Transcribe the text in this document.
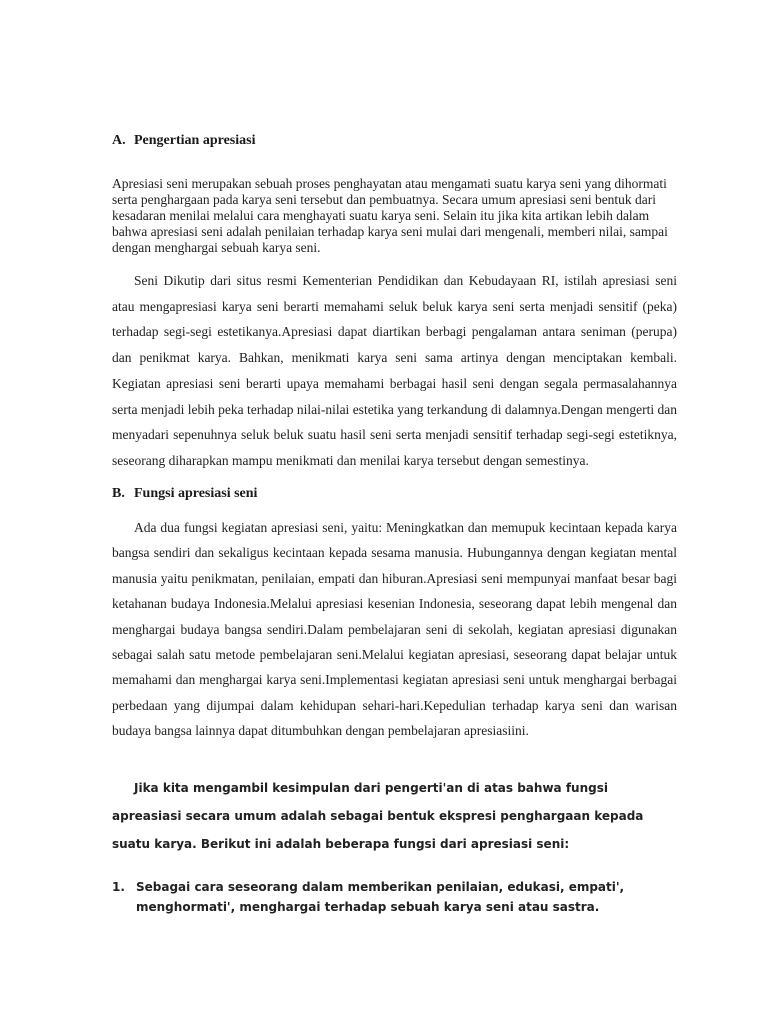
A. Pengertian apresiasi

Apresiasi seni merupakan sebuah proses penghayatan atau mengamati suatu karya seni yang dihormati serta penghargaan pada karya seni tersebut dan pembuatnya. Secara umum apresiasi seni bentuk dari kesadaran menilai melalui cara menghayati suatu karya seni. Selain itu jika kita artikan lebih dalam bahwa apresiasi seni adalah penilaian terhadap karya seni mulai dari mengenali, memberi nilai, sampai dengan menghargai sebuah karya seni.

Seni Dikutip dari situs resmi Kementerian Pendidikan dan Kebudayaan RI, istilah apresiasi seni atau mengapresiasi karya seni berarti memahami seluk beluk karya seni serta menjadi sensitif (peka) terhadap segi-segi estetikanya.Apresiasi dapat diartikan berbagi pengalaman antara seniman (perupa) dan penikmat karya. Bahkan, menikmati karya seni sama artinya dengan menciptakan kembali. Kegiatan apresiasi seni berarti upaya memahami berbagai hasil seni dengan segala permasalahannya serta menjadi lebih peka terhadap nilai-nilai estetika yang terkandung di dalamnya.Dengan mengerti dan menyadari sepenuhnya seluk beluk suatu hasil seni serta menjadi sensitif terhadap segi-segi estetiknya, seseorang diharapkan mampu menikmati dan menilai karya tersebut dengan semestinya.

B. Fungsi apresiasi seni

Ada dua fungsi kegiatan apresiasi seni, yaitu: Meningkatkan dan memupuk kecintaan kepada karya bangsa sendiri dan sekaligus kecintaan kepada sesama manusia. Hubungannya dengan kegiatan mental manusia yaitu penikmatan, penilaian, empati dan hiburan.Apresiasi seni mempunyai manfaat besar bagi ketahanan budaya Indonesia.Melalui apresiasi kesenian Indonesia, seseorang dapat lebih mengenal dan menghargai budaya bangsa sendiri.Dalam pembelajaran seni di sekolah, kegiatan apresiasi digunakan sebagai salah satu metode pembelajaran seni.Melalui kegiatan apresiasi, seseorang dapat belajar untuk memahami dan menghargai karya seni.Implementasi kegiatan apresiasi seni untuk menghargai berbagai perbedaan yang dijumpai dalam kehidupan sehari-hari.Kepedulian terhadap karya seni dan warisan budaya bangsa lainnya dapat ditumbuhkan dengan pembelajaran apresiasiini.

Jika kita mengambil kesimpulan dari pengerti'an di atas bahwa fungsi apreasiasi secara umum adalah sebagai bentuk ekspresi penghargaan kepada suatu karya. Berikut ini adalah beberapa fungsi dari apresiasi seni:

1. Sebagai cara seseorang dalam memberikan penilaian, edukasi, empati', menghormati', menghargai terhadap sebuah karya seni atau sastra.
